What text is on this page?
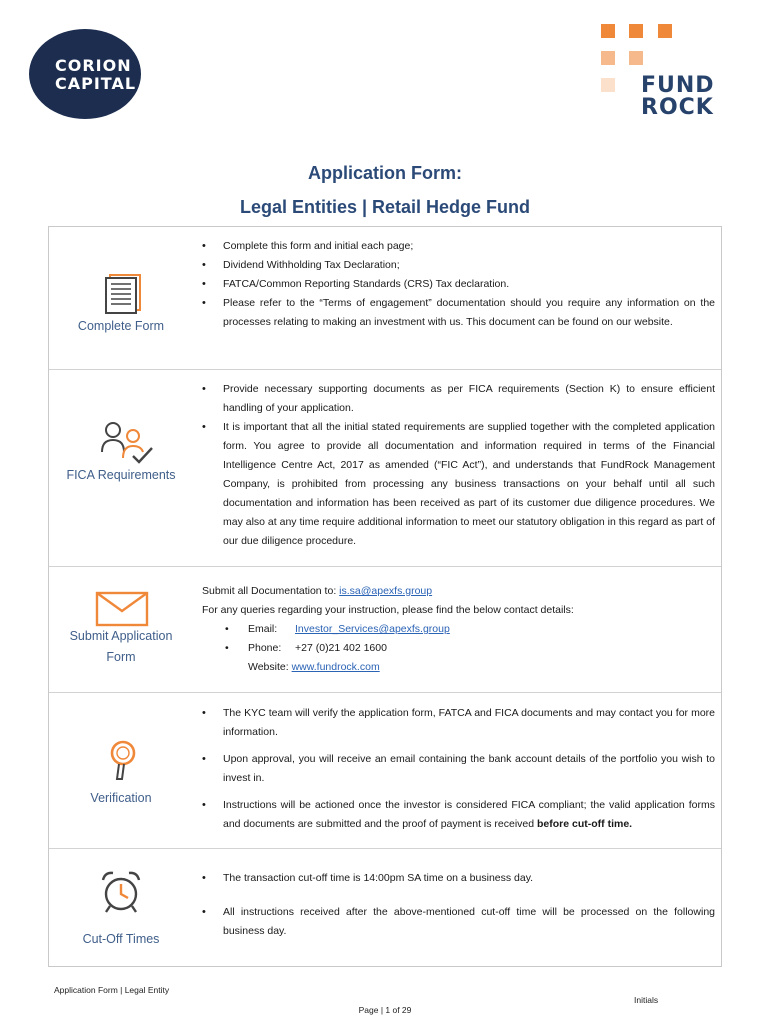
CORION
CAPITAL	FUND
ROCK
Application Form:
Legal Entities | Retail Hedge Fund
Complete Form
• Complete this form and initial each page;
• Dividend Withholding Tax Declaration;
• FATCA/Common Reporting Standards (CRS) Tax declaration.
• Please refer to the “Terms of engagement” documentation should you require any information on the processes relating to making an investment with us. This document can be found on our website.
FICA Requirements
• Provide necessary supporting documents as per FICA requirements (Section K) to ensure efficient handling of your application.
• It is important that all the initial stated requirements are supplied together with the completed application form. You agree to provide all documentation and information required in terms of the Financial Intelligence Centre Act, 2017 as amended (“FIC Act”), and understands that FundRock Management Company, is prohibited from processing any business transactions on your behalf until all such documentation and information has been received as part of its customer due diligence procedures. We may also at any time require additional information to meet our statutory obligation in this regard as part of our due diligence procedure.
Submit Application
Form
Submit all Documentation to: is.sa@apexfs.group
For any queries regarding your instruction, please find the below contact details:
• Email: Investor_Services@apexfs.group
• Phone: +27 (0)21 402 1600
Website: www.fundrock.com
Verification
• The KYC team will verify the application form, FATCA and FICA documents and may contact you for more information.
• Upon approval, you will receive an email containing the bank account details of the portfolio you wish to invest in.
• Instructions will be actioned once the investor is considered FICA compliant; the valid application forms and documents are submitted and the proof of payment is received before cut-off time.
Cut-Off Times
• The transaction cut-off time is 14:00pm SA time on a business day.
• All instructions received after the above-mentioned cut-off time will be processed on the following business day.
Application Form | Legal Entity
Initials
Page | 1 of 29
